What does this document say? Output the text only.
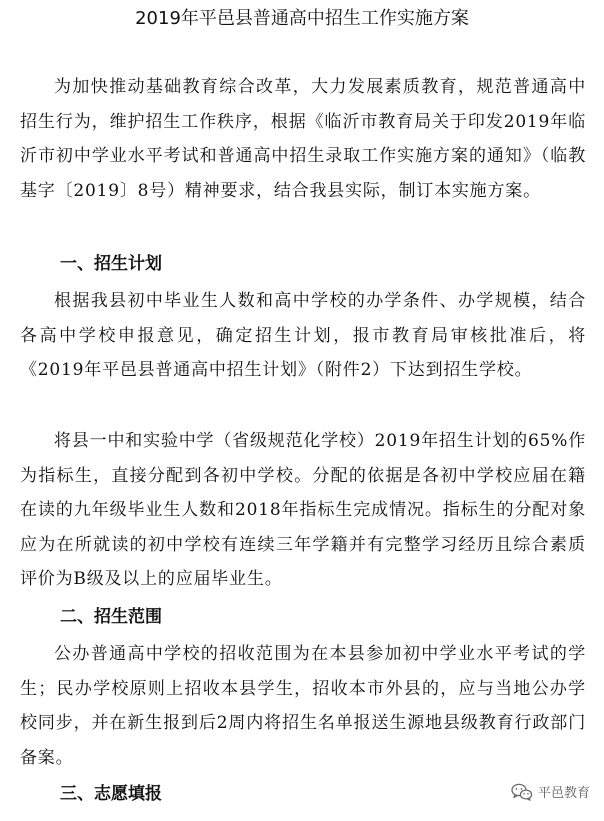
2019年平邑县普通高中招生工作实施方案

为加快推动基础教育综合改革，大力发展素质教育，规范普通高中招生行为，维护招生工作秩序，根据《临沂市教育局关于印发2019年临沂市初中学业水平考试和普通高中招生录取工作实施方案的通知》（临教基字〔2019〕8号）精神要求，结合我县实际，制订本实施方案。

一、招生计划

根据我县初中毕业生人数和高中学校的办学条件、办学规模，结合各高中学校申报意见，确定招生计划，报市教育局审核批准后，将《2019年平邑县普通高中招生计划》（附件2）下达到招生学校。

将县一中和实验中学（省级规范化学校）2019年招生计划的65%作为指标生，直接分配到各初中学校。分配的依据是各初中学校应届在籍在读的九年级毕业生人数和2018年指标生完成情况。指标生的分配对象应为在所就读的初中学校有连续三年学籍并有完整学习经历且综合素质评价为B级及以上的应届毕业生。

二、招生范围

公办普通高中学校的招收范围为在本县参加初中学业水平考试的学生；民办学校原则上招收本县学生，招收本市外县的，应与当地公办学校同步，并在新生报到后2周内将招生名单报送生源地县级教育行政部门备案。

三、志愿填报	平邑教育
